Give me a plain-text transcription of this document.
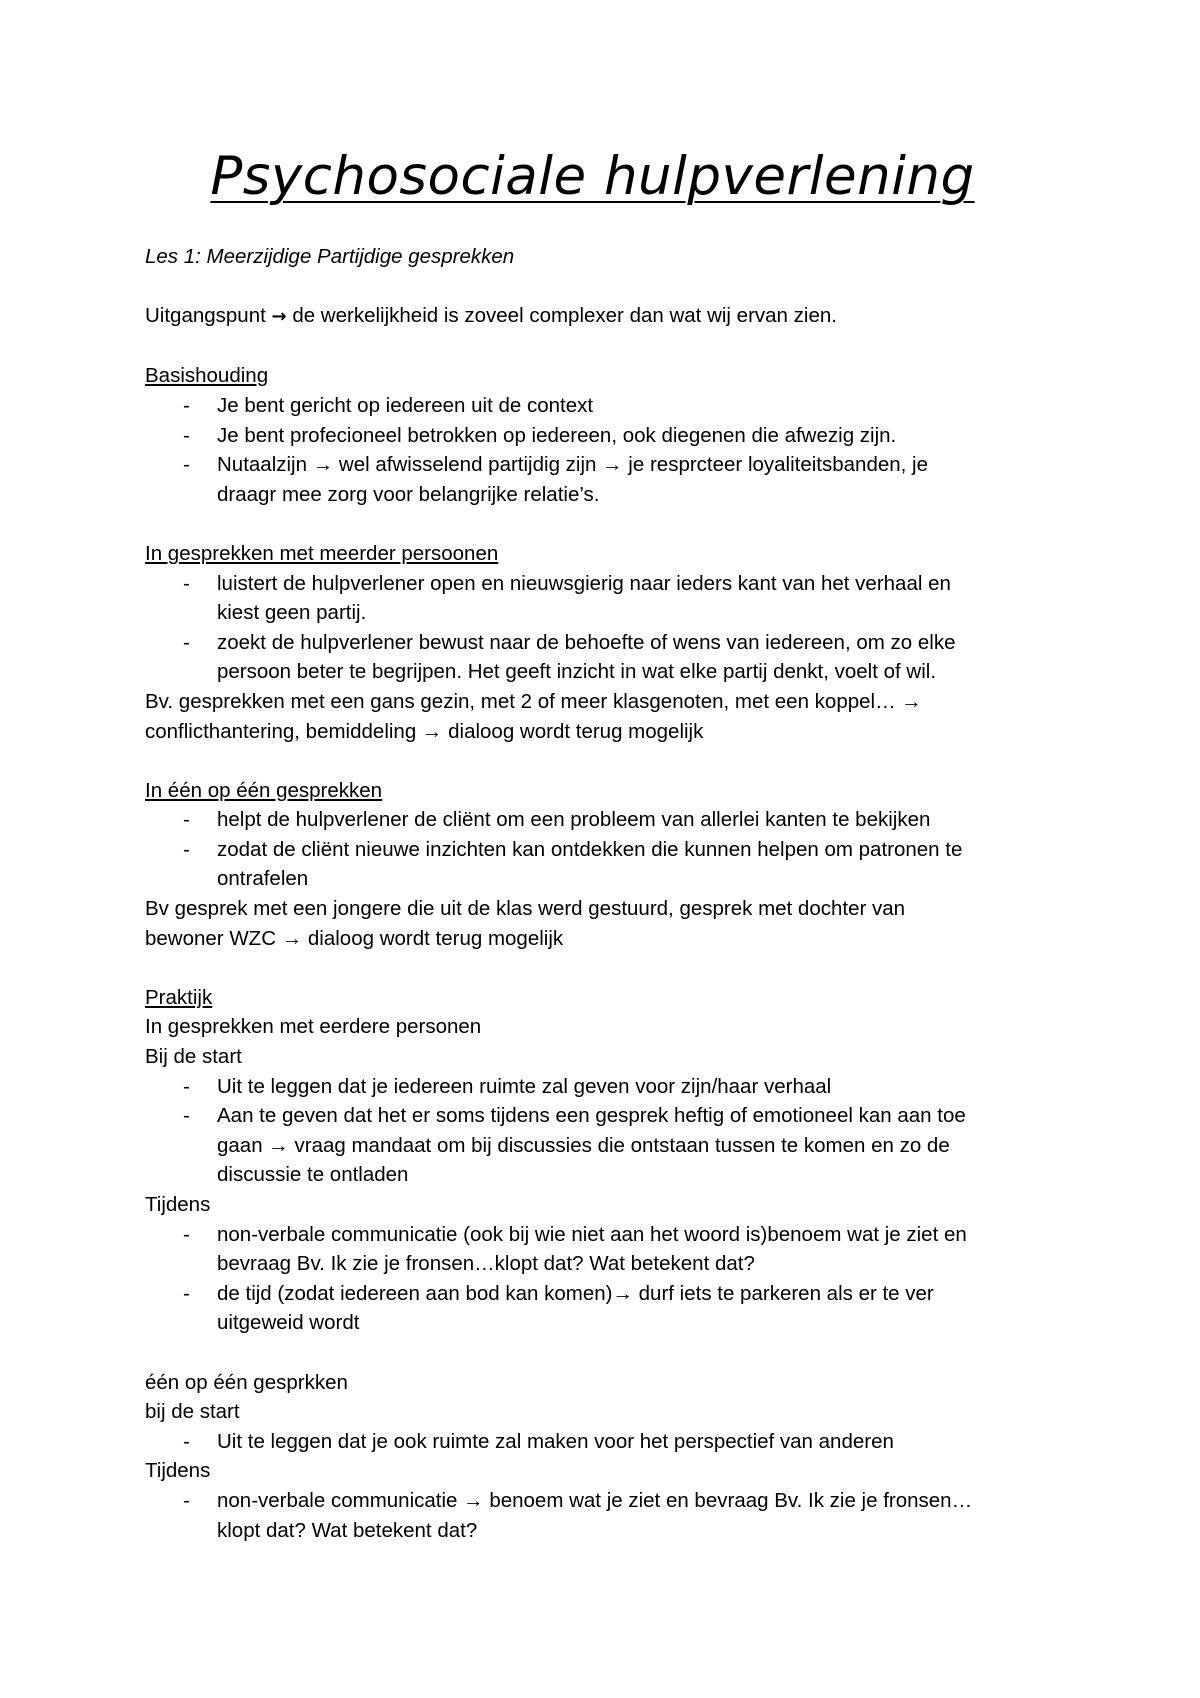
Psychosociale hulpverlening
Les 1: Meerzijdige Partijdige gesprekken
Uitgangspunt → de werkelijkheid is zoveel complexer dan wat wij ervan zien.
Basishouding
- Je bent gericht op iedereen uit de context
- Je bent profecioneel betrokken op iedereen, ook diegenen die afwezig zijn.
- Nutaalzijn → wel afwisselend partijdig zijn → je resprcteer loyaliteitsbanden, je
draagr mee zorg voor belangrijke relatie’s.
In gesprekken met meerder persoonen
- luistert de hulpverlener open en nieuwsgierig naar ieders kant van het verhaal en
kiest geen partij.
- zoekt de hulpverlener bewust naar de behoefte of wens van iedereen, om zo elke
persoon beter te begrijpen. Het geeft inzicht in wat elke partij denkt, voelt of wil.
Bv. gesprekken met een gans gezin, met 2 of meer klasgenoten, met een koppel… →
conflicthantering, bemiddeling → dialoog wordt terug mogelijk
In één op één gesprekken
- helpt de hulpverlener de cliënt om een probleem van allerlei kanten te bekijken
- zodat de cliënt nieuwe inzichten kan ontdekken die kunnen helpen om patronen te
ontrafelen
Bv gesprek met een jongere die uit de klas werd gestuurd, gesprek met dochter van
bewoner WZC → dialoog wordt terug mogelijk
Praktijk
In gesprekken met eerdere personen
Bij de start
- Uit te leggen dat je iedereen ruimte zal geven voor zijn/haar verhaal
- Aan te geven dat het er soms tijdens een gesprek heftig of emotioneel kan aan toe
gaan → vraag mandaat om bij discussies die ontstaan tussen te komen en zo de
discussie te ontladen
Tijdens
- non-verbale communicatie (ook bij wie niet aan het woord is)benoem wat je ziet en
bevraag Bv. Ik zie je fronsen…klopt dat? Wat betekent dat?
- de tijd (zodat iedereen aan bod kan komen)→ durf iets te parkeren als er te ver
uitgeweid wordt
één op één gesprkken
bij de start
- Uit te leggen dat je ook ruimte zal maken voor het perspectief van anderen
Tijdens
- non-verbale communicatie → benoem wat je ziet en bevraag Bv. Ik zie je fronsen…
klopt dat? Wat betekent dat?
